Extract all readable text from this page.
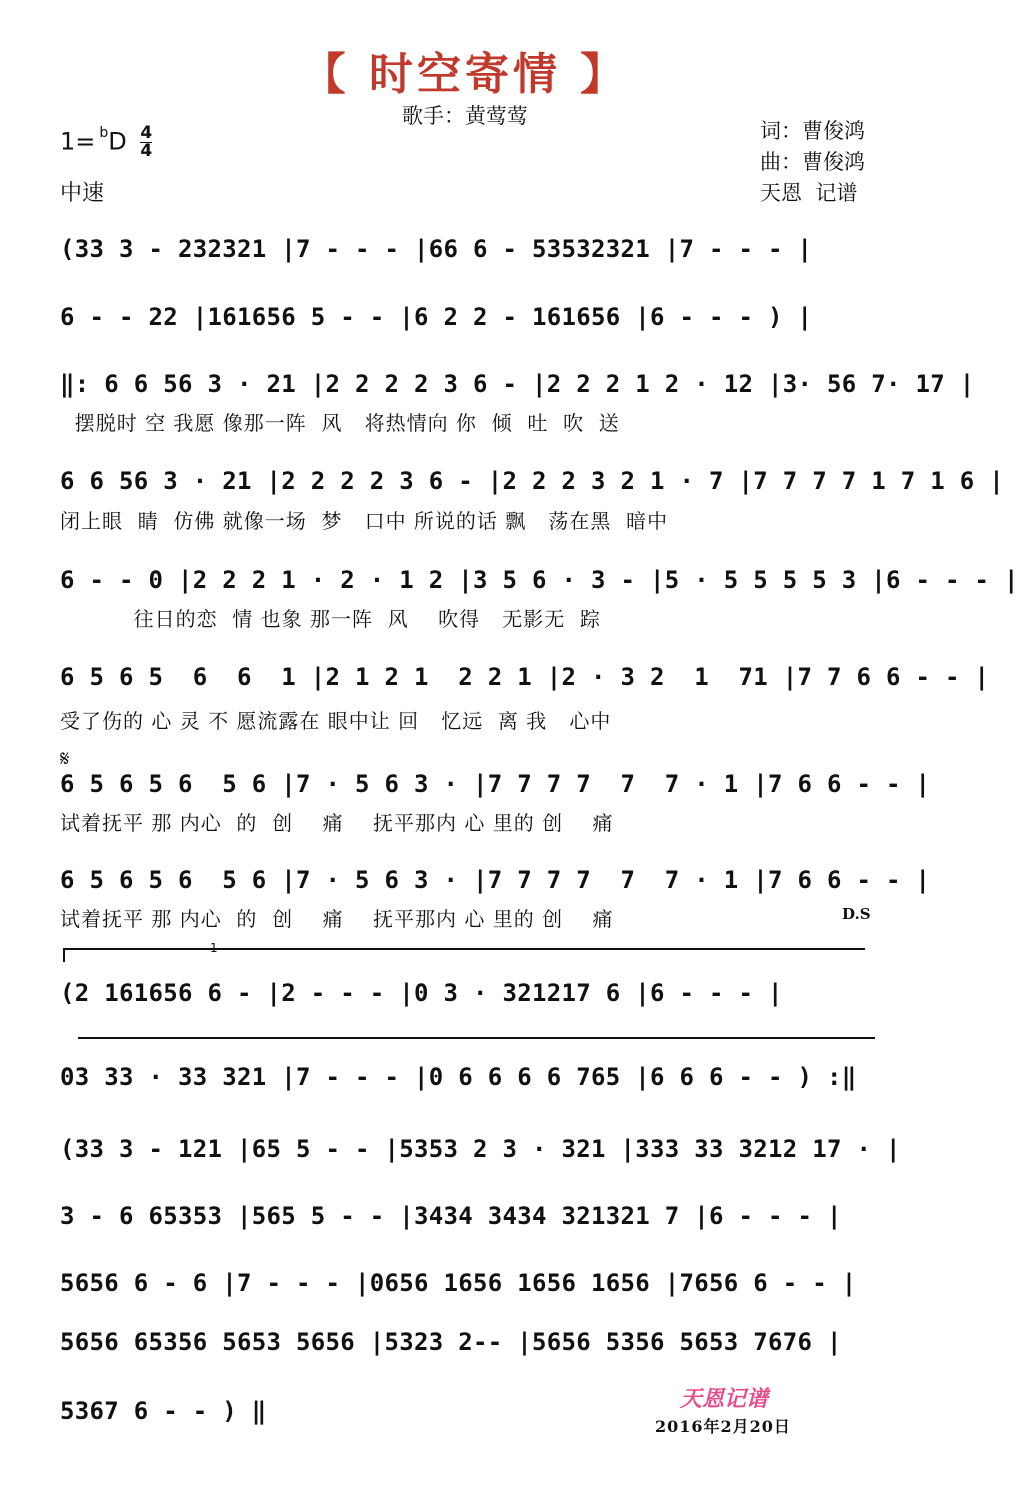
【 时空寄情 】
歌手：黄莺莺
$1= ^bD \frac{4}{4}$
中速
词：曹俊鸿
曲：曹俊鸿
天恩  记谱
(33 3 - 232321 |7 - - - |66 6 - 53532321 |7 - - - |
6 - - 22 |161656 5 - - |6 2 2 - 161656 |6 - - - ) |
‖: 6 6 56 3 · 21 |2 2 2 2 3 6 - |2 2 2 1 2 · 12 |3· 56 7· 17 |
摆脱时 空 我愿 像那一阵  风   将热情向 你  倾  吐  吹  送
6 6 56 3 · 21 |2 2 2 2 3 6 - |2 2 2 3 2 1 · 7 |7 7 7 7 1 7 1 6 |
闭上眼  睛  仿佛 就像一场  梦   口中 所说的话 飘   荡在黑  暗中
6 - - 0 |2 2 2 1 · 2 · 1 2 |3 5 6 · 3 - |5 · 5 5 5 5 3 |6 - - - |
往日的恋  情 也象 那一阵  风    吹得   无影无  踪
6 5 6 5  6  6  1 |2 1 2 1  2 2 1 |2 · 3 2  1  71 |7 7 6 6 - - |
受了伤的 心 灵 不 愿流露在 眼中让 回   忆远  离 我   心中
𝄋
6 5 6 5 6  5 6 |7 · 5 6 3 · |7 7 7 7  7  7 · 1 |7 6 6 - - |
试着抚平 那 内心  的  创    痛    抚平那内 心 里的 创    痛
6 5 6 5 6  5 6 |7 · 5 6 3 · |7 7 7 7  7  7 · 1 |7 6 6 - - |
试着抚平 那 内心  的  创    痛    抚平那内 心 里的 创    痛	D.S
1
(2 161656 6 - |2 - - - |0 3 · 321217 6 |6 - - - |
03 33 · 33 321 |7 - - - |0 6 6 6 6 765 |6 6 6 - - ) :‖
(33 3 - 121 |65 5 - - |5353 2 3 · 321 |333 33 3212 17 · |
3 - 6 65353 |565 5 - - |3434 3434 321321 7 |6 - - - |
5656 6 - 6 |7 - - - |0656 1656 1656 1656 |7656 6 - - |
5656 65356 5653 5656 |5323 2-- |5656 5356 5653 7676 |
5367 6 - - ) ‖	天恩记谱
2016年2月20日
